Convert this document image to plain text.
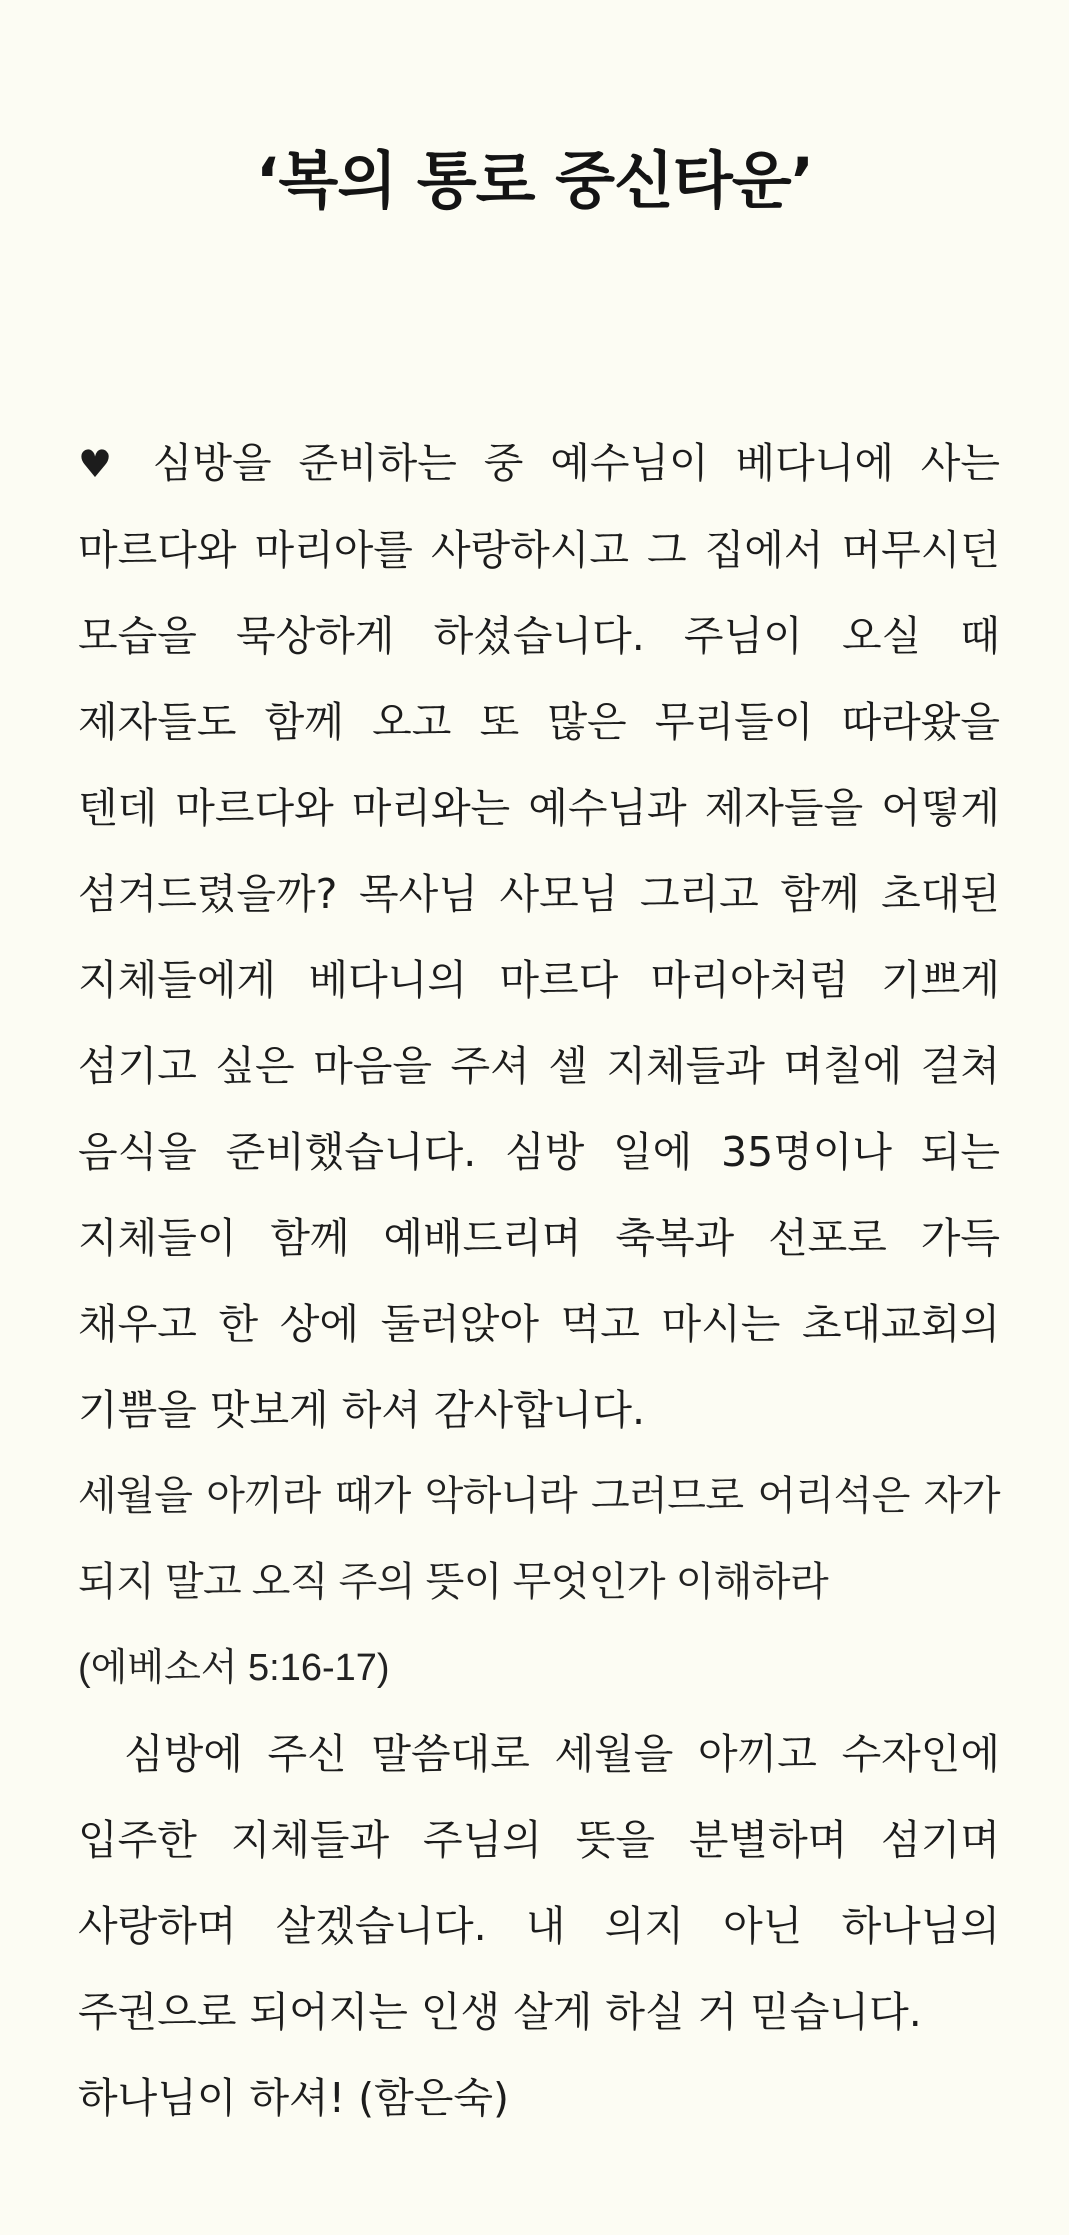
‘복의 통로 중신타운’

♥ 심방을 준비하는 중 예수님이 베다니에 사는 마르다와 마리아를 사랑하시고 그 집에서 머무시던 모습을 묵상하게 하셨습니다. 주님이 오실 때 제자들도 함께 오고 또 많은 무리들이 따라왔을 텐데 마르다와 마리와는 예수님과 제자들을 어떻게 섬겨드렸을까? 목사님 사모님 그리고 함께 초대된 지체들에게 베다니의 마르다 마리아처럼 기쁘게 섬기고 싶은 마음을 주셔 셀 지체들과 며칠에 걸쳐 음식을 준비했습니다. 심방 일에 35명이나 되는 지체들이 함께 예배드리며 축복과 선포로 가득 채우고 한 상에 둘러앉아 먹고 마시는 초대교회의 기쁨을 맛보게 하셔 감사합니다.

세월을 아끼라 때가 악하니라 그러므로 어리석은 자가 되지 말고 오직 주의 뜻이 무엇인가 이해하라

(에베소서 5:16-17)

심방에 주신 말씀대로 세월을 아끼고 수자인에 입주한 지체들과 주님의 뜻을 분별하며 섬기며 사랑하며 살겠습니다. 내 의지 아닌 하나님의 주권으로 되어지는 인생 살게 하실 거 믿습니다.

하나님이 하셔! (함은숙)
